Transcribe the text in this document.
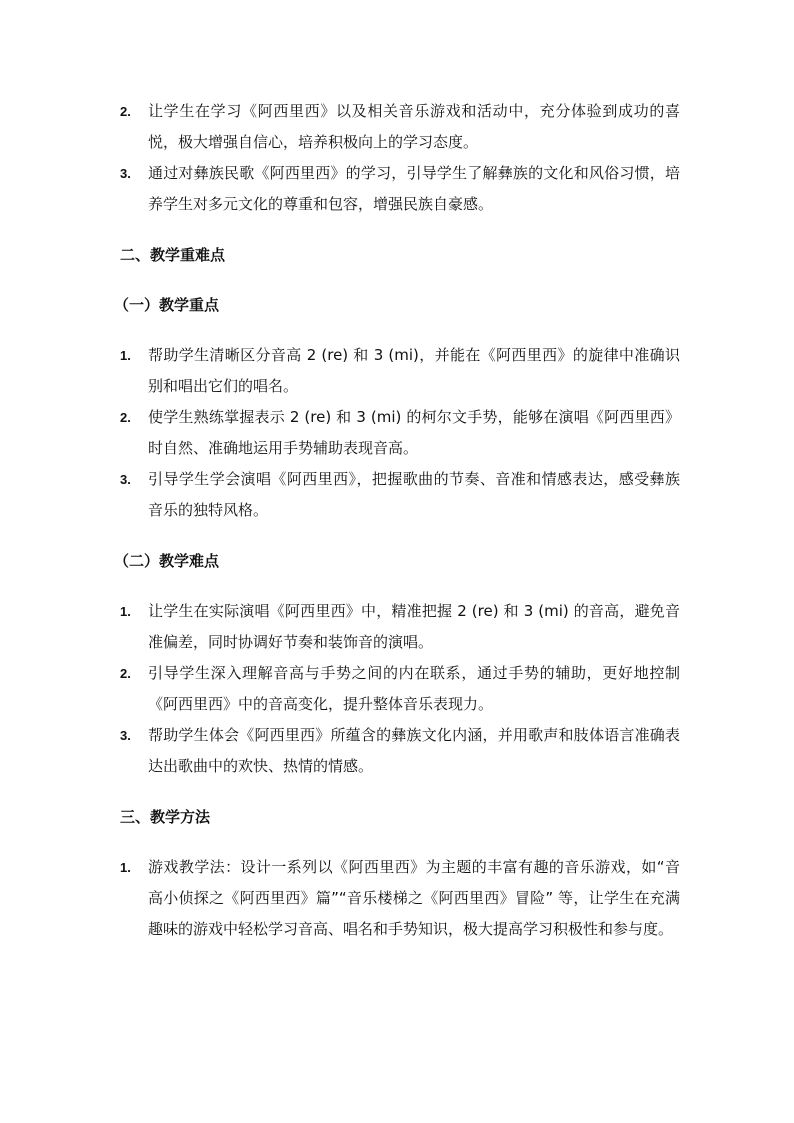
2. 让学生在学习《阿西里西》以及相关音乐游戏和活动中，充分体验到成功的喜悦，极大增强自信心，培养积极向上的学习态度。
3. 通过对彝族民歌《阿西里西》的学习，引导学生了解彝族的文化和风俗习惯，培养学生对多元文化的尊重和包容，增强民族自豪感。
二、教学重难点
（一）教学重点
1. 帮助学生清晰区分音高 2 (re) 和 3 (mi)，并能在《阿西里西》的旋律中准确识别和唱出它们的唱名。
2. 使学生熟练掌握表示 2 (re) 和 3 (mi) 的柯尔文手势，能够在演唱《阿西里西》时自然、准确地运用手势辅助表现音高。
3. 引导学生学会演唱《阿西里西》，把握歌曲的节奏、音准和情感表达，感受彝族音乐的独特风格。
（二）教学难点
1. 让学生在实际演唱《阿西里西》中，精准把握 2 (re) 和 3 (mi) 的音高，避免音准偏差，同时协调好节奏和装饰音的演唱。
2. 引导学生深入理解音高与手势之间的内在联系，通过手势的辅助，更好地控制《阿西里西》中的音高变化，提升整体音乐表现力。
3. 帮助学生体会《阿西里西》所蕴含的彝族文化内涵，并用歌声和肢体语言准确表达出歌曲中的欢快、热情的情感。
三、教学方法
1. 游戏教学法：设计一系列以《阿西里西》为主题的丰富有趣的音乐游戏，如“音高小侦探之《阿西里西》篇”“音乐楼梯之《阿西里西》冒险” 等，让学生在充满趣味的游戏中轻松学习音高、唱名和手势知识，极大提高学习积极性和参与度。
